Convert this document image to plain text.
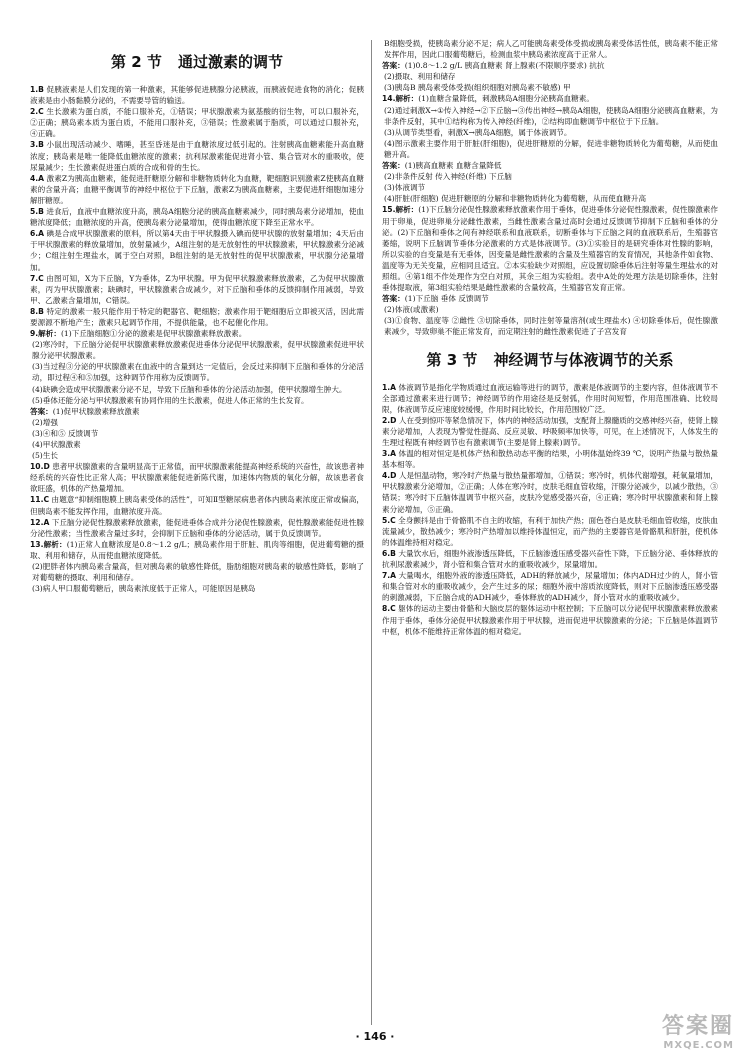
第 2 节 通过激素的调节

1.B 促胰液素是人们发现的第一种激素，其能够促进胰腺分泌胰液，而胰液促进食物的消化；促胰液素是由小肠黏膜分泌的，不需要导管的输送。

2.C 生长激素为蛋白质，不能口服补充，①错误；甲状腺激素为氨基酸的衍生物，可以口服补充，②正确；胰岛素本质为蛋白质，不能用口服补充，③错误；性激素属于脂质，可以通过口服补充，④正确。

3.B 小鼠出现活动减少、嗜睡，甚至昏迷是由于血糖浓度过低引起的。注射胰高血糖素能升高血糖浓度；胰岛素是唯一能降低血糖浓度的激素；抗利尿激素能促进肾小管、集合管对水的重吸收，使尿量减少；生长激素促进蛋白质的合成和骨的生长。

4.A 激素Z为胰高血糖素，能促进肝糖原分解和非糖物质转化为血糖，靶细胞识别激素Z使胰高血糖素的含量升高；血糖平衡调节的神经中枢位于下丘脑，激素Z为胰高血糖素，主要促进肝细胞加速分解肝糖原。

5.B 进食后，血液中血糖浓度升高，胰岛A细胞分泌的胰高血糖素减少，同时胰岛素分泌增加，使血糖浓度降低；血糖浓度的升高，使胰岛素分泌量增加，使得血糖浓度下降至正常水平。

6.A 碘是合成甲状腺激素的原料，所以第4天由于甲状腺摄入碘而使甲状腺的放射量增加；4天后由于甲状腺激素的释放量增加，放射量减少，A组注射的是无放射性的甲状腺激素，甲状腺激素分泌减少；C组注射生理盐水，属于空白对照，B组注射的是无放射性的促甲状腺激素，甲状腺分泌量增加。

7.C 由图可知，X为下丘脑，Y为垂体，Z为甲状腺。甲为促甲状腺激素释放激素，乙为促甲状腺激素，丙为甲状腺激素；缺碘时，甲状腺激素合成减少，对下丘脑和垂体的反馈抑制作用减弱，导致甲、乙激素含量增加，C错误。

8.B 特定的激素一般只能作用于特定的靶器官、靶细胞；激素作用于靶细胞后立即被灭活，因此需要源源不断地产生；激素只起调节作用，不提供能量，也不起催化作用。

9.解析：(1)下丘脑细胞①分泌的激素是促甲状腺激素释放激素。

(2)寒冷时，下丘脑分泌促甲状腺激素释放激素促进垂体分泌促甲状腺激素，促甲状腺激素促进甲状腺分泌甲状腺激素。

(3)当过程③分泌的甲状腺激素在血液中的含量到达一定值后，会反过来抑制下丘脑和垂体的分泌活动，即过程④和⑤加强，这种调节作用称为反馈调节。

(4)缺碘会造成甲状腺激素分泌不足，导致下丘脑和垂体的分泌活动加强，使甲状腺增生肿大。

(5)垂体还能分泌与甲状腺激素有协同作用的生长激素，促进人体正常的生长发育。

答案：(1)促甲状腺激素释放激素

(2)增强

(3)④和⑤ 反馈调节

(4)甲状腺激素

(5)生长

10.D 患者甲状腺激素的含量明显高于正常值，而甲状腺激素能提高神经系统的兴奋性，故该患者神经系统的兴奋性比正常人高；甲状腺激素能促进新陈代谢，加速体内物质的氧化分解，故该患者食欲旺盛，机体的产热量增加。

11.C 由题意“抑制细胞膜上胰岛素受体的活性”，可知Ⅱ型糖尿病患者体内胰岛素浓度正常或偏高，但胰岛素不能发挥作用，血糖浓度升高。

12.A 下丘脑分泌促性腺激素释放激素，能促进垂体合成并分泌促性腺激素，促性腺激素能促进性腺分泌性激素；当性激素含量过多时，会抑制下丘脑和垂体的分泌活动，属于负反馈调节。

13.解析：(1)正常人血糖浓度是0.8～1.2 g/L；胰岛素作用于肝脏、肌肉等细胞，促进葡萄糖的摄取、利用和储存，从而使血糖浓度降低。

(2)肥胖者体内胰岛素含量高，但对胰岛素的敏感性降低，脂肪细胞对胰岛素的敏感性降低，影响了对葡萄糖的摄取、利用和储存。

(3)病人甲口服葡萄糖后，胰岛素浓度低于正常人，可能原因是胰岛

B细胞受损，使胰岛素分泌不足；病人乙可能胰岛素受体受损或胰岛素受体活性低，胰岛素不能正常发挥作用，因此口服葡萄糖后，检测血浆中胰岛素浓度高于正常人。

答案：(1)0.8～1.2 g/L 胰高血糖素 肾上腺素(不限顺序要求) 抗抗

(2)摄取、利用和储存

(3)胰岛B 胰岛素受体受损(组织细胞对胰岛素不敏感) 甲

14.解析：(1)血糖含量降低，刺激胰岛A细胞分泌胰高血糖素。

(2)通过刺激X→①传入神经→②下丘脑→③传出神经→胰岛A细胞，使胰岛A细胞分泌胰高血糖素，为非条件反射，其中①结构称为传入神经(纤维)，②结构即血糖调节中枢位于下丘脑。

(3)从调节类型看，刺激X→胰岛A细胞，属于体液调节。

(4)图示激素主要作用于肝脏(肝细胞)，促进肝糖原的分解，促进非糖物质转化为葡萄糖，从而使血糖升高。

答案：(1)胰高血糖素 血糖含量降低

(2)非条件反射 传入神经(纤维) 下丘脑

(3)体液调节

(4)肝脏(肝细胞) 促进肝糖原的分解和非糖物质转化为葡萄糖，从而使血糖升高

15.解析：(1)下丘脑分泌促性腺激素释放激素作用于垂体，促进垂体分泌促性腺激素，促性腺激素作用于卵巢，促进卵巢分泌雌性激素，当雌性激素含量过高时会通过反馈调节抑制下丘脑和垂体的分泌。(2)下丘脑和垂体之间有神经联系和血液联系，切断垂体与下丘脑之间的血液联系后，生殖器官萎缩，说明下丘脑调节垂体分泌激素的方式是体液调节。(3)①实验目的是研究垂体对性腺的影响，所以实验的自变量是有无垂体，因变量是雌性激素的含量及生殖器官的发育情况，其他条件如食物、温度等为无关变量，应相同且适宜。②本实验缺少对照组，应设置切除垂体后注射等量生理盐水的对照组。④第1组不作处理作为空白对照，其余三组为实验组。表中A处的处理方法是切除垂体，注射垂体提取液，第3组实验结果是雌性激素的含量较高，生殖器官发育正常。

答案：(1)下丘脑 垂体 反馈调节

(2)体液(或激素)

(3)①食物、温度等 ②雌性 ③切除垂体，同时注射等量溶剂(或生理盐水) ④切除垂体后，促性腺激素减少，导致卵巢不能正常发育，而定期注射的雌性激素促进了子宫发育

第 3 节 神经调节与体液调节的关系

1.A 体液调节是指化学物质通过血液运输等进行的调节，激素是体液调节的主要内容，但体液调节不全部通过激素来进行调节；神经调节的作用途径是反射弧，作用时间短暂，作用范围准确、比较局限，体液调节反应速度较缓慢，作用时间比较长，作用范围较广泛。

2.D 人在受到惊吓等紧急情况下，体内的神经活动加强，支配肾上腺髓质的交感神经兴奋，使肾上腺素分泌增加，人表现为警觉性提高、反应灵敏、呼吸频率加快等，可见，在上述情况下，人体发生的生理过程既有神经调节也有激素调节(主要是肾上腺素)调节。

3.A 体温的相对恒定是机体产热和散热动态平衡的结果，小明体温始终39 ℃，说明产热量与散热量基本相等。

4.D 人是恒温动物，寒冷时产热量与散热量都增加，①错误；寒冷时，机体代谢增强，耗氧量增加，甲状腺激素分泌增加，②正确；人体在寒冷时，皮肤毛细血管收缩，汗腺分泌减少，以减少散热，③错误；寒冷时下丘脑体温调节中枢兴奋，皮肤冷觉感受器兴奋，④正确；寒冷时甲状腺激素和肾上腺素分泌增加，⑤正确。

5.C 全身颤抖是由于骨骼肌不自主的收缩，有利于加快产热；面色苍白是皮肤毛细血管收缩，皮肤血流量减少，散热减少；寒冷时产热增加以维持体温恒定，而产热的主要器官是骨骼肌和肝脏，使机体的体温维持相对稳定。

6.B 大量饮水后，细胞外液渗透压降低，下丘脑渗透压感受器兴奋性下降，下丘脑分泌、垂体释放的抗利尿激素减少，肾小管和集合管对水的重吸收减少，尿量增加。

7.A 大量喝水，细胞外液的渗透压降低，ADH的释放减少，尿量增加；体内ADH过少的人，肾小管和集合管对水的重吸收减少，会产生过多的尿；细胞外液中溶质浓度降低，则对下丘脑渗透压感受器的刺激减弱，下丘脑合成的ADH减少，垂体释放的ADH减少，肾小管对水的重吸收减少。

8.C 躯体的运动主要由骨骼和大脑皮层的躯体运动中枢控制；下丘脑可以分泌促甲状腺激素释放激素作用于垂体，垂体分泌促甲状腺激素作用于甲状腺，进而促进甲状腺激素的分泌；下丘脑是体温调节中枢，机体不能维持正常体温的相对稳定。

· 146 ·	答案圈
MXQE.COM
